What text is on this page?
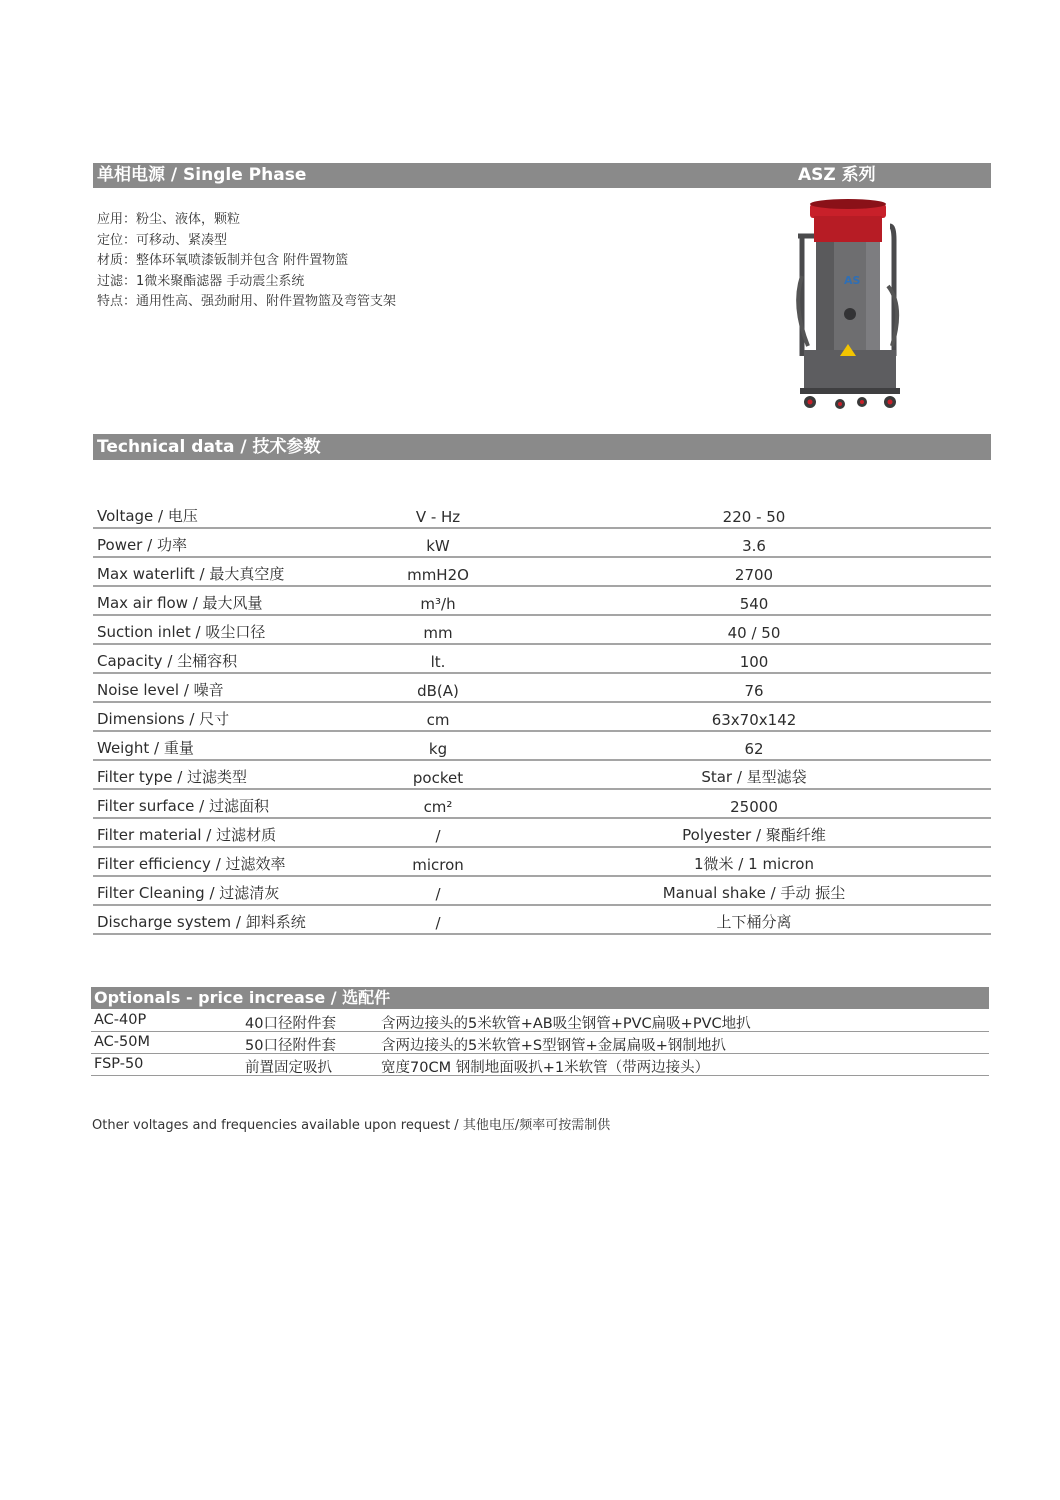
单相电源 / Single Phase	ASZ 系列
应用：粉尘、液体，颗粒
定位：可移动、紧凑型
材质：整体环氧喷漆钣制并包含 附件置物篮
过滤：1微米聚酯滤器 手动震尘系统
特点：通用性高、强劲耐用、附件置物篮及弯管支架
AS
Technical data / 技术参数
Voltage / 电压	V - Hz	220 - 50
Power / 功率	kW	3.6
Max waterlift / 最大真空度	mmH2O	2700
Max air flow / 最大风量	m³/h	540
Suction inlet / 吸尘口径	mm	40 / 50
Capacity / 尘桶容积	lt.	100
Noise level / 噪音	dB(A)	76
Dimensions / 尺寸	cm	63x70x142
Weight / 重量	kg	62
Filter type / 过滤类型	pocket	Star / 星型滤袋
Filter surface / 过滤面积	cm²	25000
Filter material / 过滤材质	/	Polyester / 聚酯纤维
Filter efficiency / 过滤效率	micron	1微米 / 1 micron
Filter Cleaning / 过滤清灰	/	Manual shake / 手动 振尘
Discharge system / 卸料系统	/	上下桶分离
Optionals - price increase / 选配件
AC-40P	40口径附件套	含两边接头的5米软管+AB吸尘钢管+PVC扁吸+PVC地扒
AC-50M	50口径附件套	含两边接头的5米软管+S型钢管+金属扁吸+钢制地扒
FSP-50	前置固定吸扒	宽度70CM 钢制地面吸扒+1米软管（带两边接头）
Other voltages and frequencies available upon request / 其他电压/频率可按需制供
